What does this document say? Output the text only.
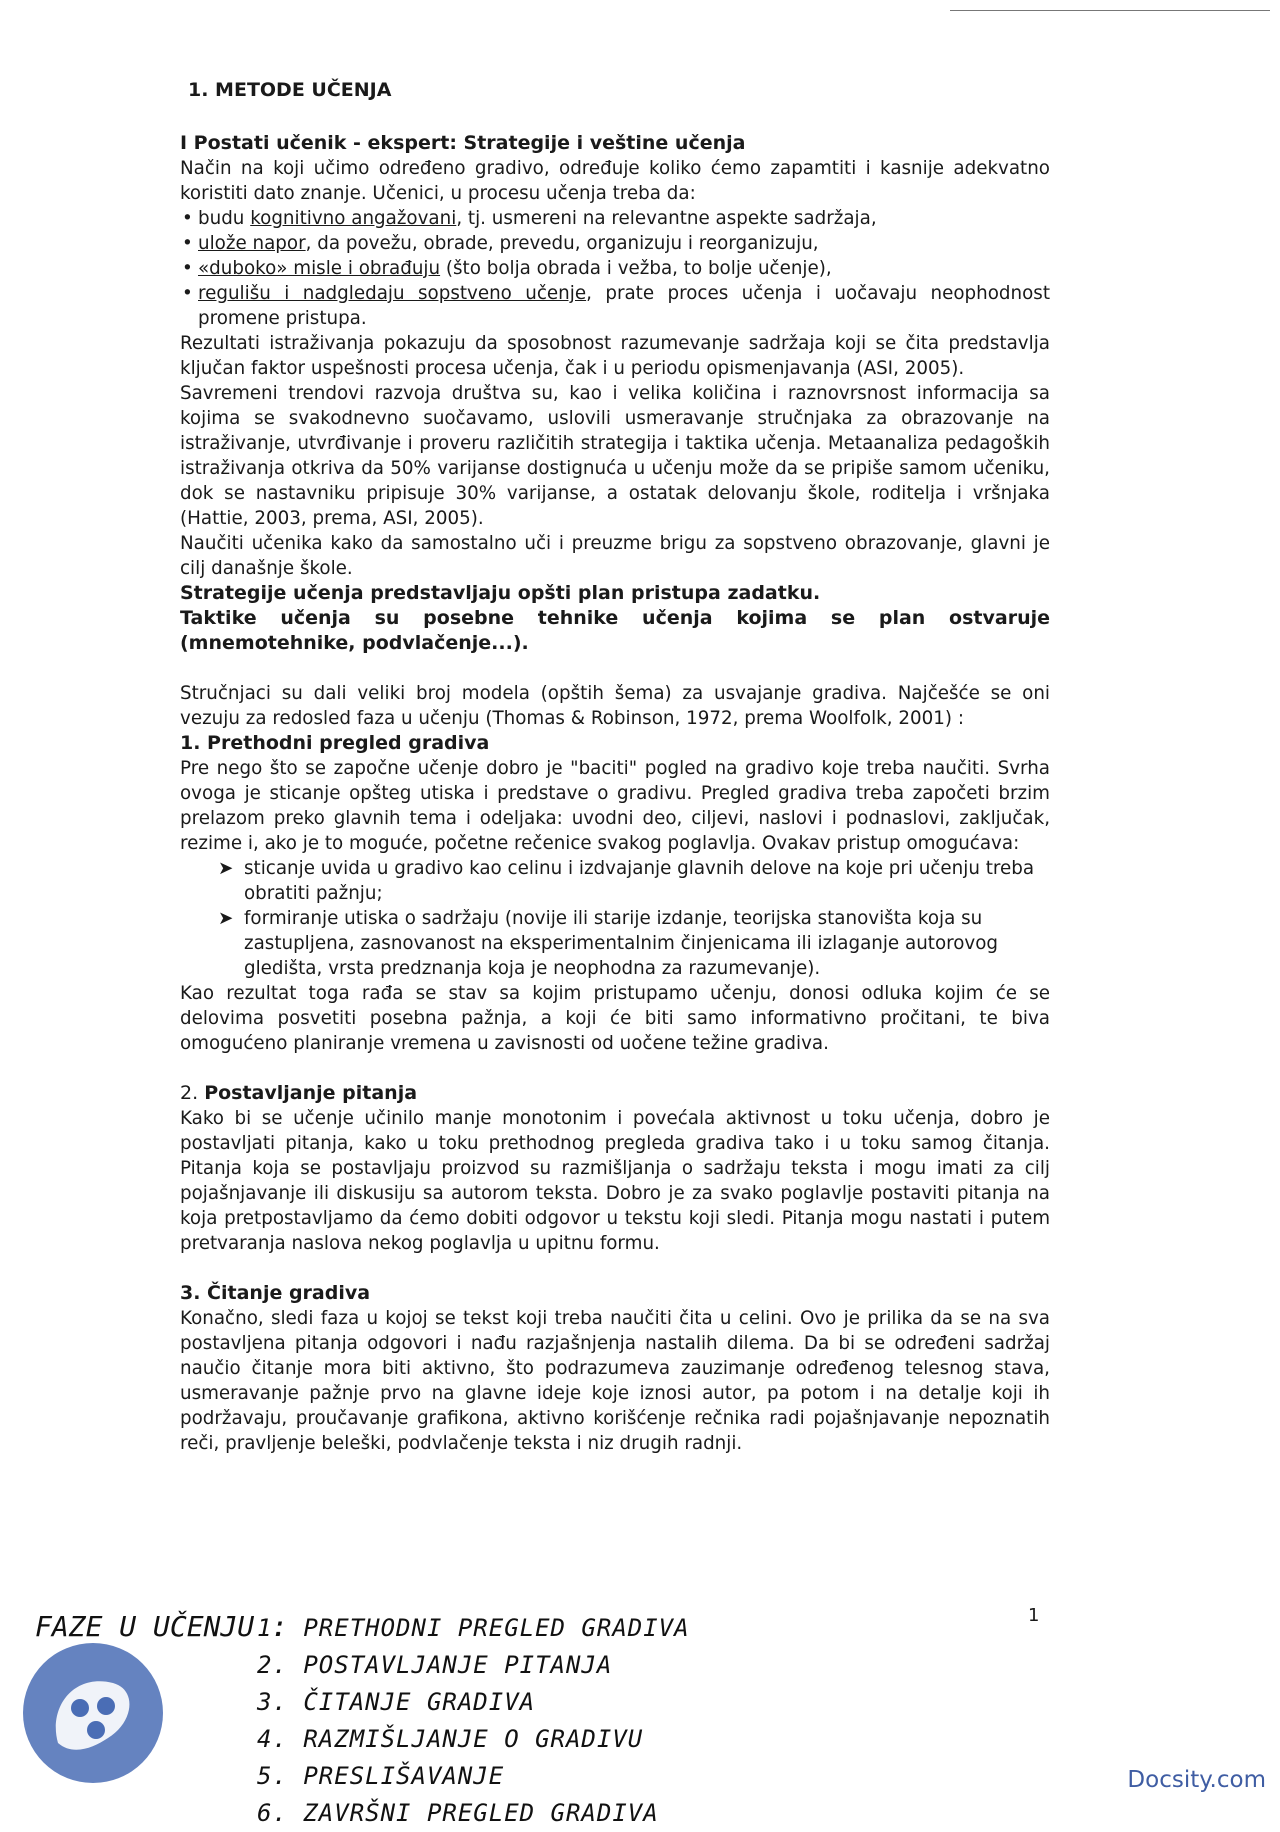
1. METODE UČENJA
I Postati učenik - ekspert: Strategije i veštine učenja

Način na koji učimo određeno gradivo, određuje koliko ćemo zapamtiti i kasnije adekvatno koristiti dato znanje. Učenici, u procesu učenja treba da:

• budu kognitivno angažovani, tj. usmereni na relevantne aspekte sadržaja,
• ulože napor, da povežu, obrade, prevedu, organizuju i reorganizuju,
• «duboko» misle i obrađuju (što bolja obrada i vežba, to bolje učenje),
• regulišu i nadgledaju sopstveno učenje, prate proces učenja i uočavaju neophodnost promene pristupa.

Rezultati istraživanja pokazuju da sposobnost razumevanje sadržaja koji se čita predstavlja ključan faktor uspešnosti procesa učenja, čak i u periodu opismenjavanja (ASI, 2005).

Savremeni trendovi razvoja društva su, kao i velika količina i raznovrsnost informacija sa kojima se svakodnevno suočavamo, uslovili usmeravanje stručnjaka za obrazovanje na istraživanje, utvrđivanje i proveru različitih strategija i taktika učenja. Metaanaliza pedagoških istraživanja otkriva da 50% varijanse dostignuća u učenju može da se pripiše samom učeniku, dok se nastavniku pripisuje 30% varijanse, a ostatak delovanju škole, roditelja i vršnjaka (Hattie, 2003, prema, ASI, 2005).

Naučiti učenika kako da samostalno uči i preuzme brigu za sopstveno obrazovanje, glavni je cilj današnje škole.

Strategije učenja predstavljaju opšti plan pristupa zadatku.

Taktike učenja su posebne tehnike učenja kojima se plan ostvaruje (mnemotehnike, podvlačenje...).

Stručnjaci su dali veliki broj modela (opštih šema) za usvajanje gradiva. Najčešće se oni vezuju za redosled faza u učenju (Thomas & Robinson, 1972, prema Woolfolk, 2001) :

1. Prethodni pregled gradiva

Pre nego što se započne učenje dobro je "baciti" pogled na gradivo koje treba naučiti. Svrha ovoga je sticanje opšteg utiska i predstave o gradivu. Pregled gradiva treba započeti brzim prelazom preko glavnih tema i odeljaka: uvodni deo, ciljevi, naslovi i podnaslovi, zaključak, rezime i, ako je to moguće, početne rečenice svakog poglavlja. Ovakav pristup omogućava:

➤ sticanje uvida u gradivo kao celinu i izdvajanje glavnih delove na koje pri učenju treba obratiti pažnju;
➤ formiranje utiska o sadržaju (novije ili starije izdanje, teorijska stanovišta koja su zastupljena, zasnovanost na eksperimentalnim činjenicama ili izlaganje autorovog gledišta, vrsta predznanja koja je neophodna za razumevanje).

Kao rezultat toga rađa se stav sa kojim pristupamo učenju, donosi odluka kojim će se delovima posvetiti posebna pažnja, a koji će biti samo informativno pročitani, te biva omogućeno planiranje vremena u zavisnosti od uočene težine gradiva.

2. Postavljanje pitanja

Kako bi se učenje učinilo manje monotonim i povećala aktivnost u toku učenja, dobro je postavljati pitanja, kako u toku prethodnog pregleda gradiva tako i u toku samog čitanja. Pitanja koja se postavljaju proizvod su razmišljanja o sadržaju teksta i mogu imati za cilj pojašnjavanje ili diskusiju sa autorom teksta. Dobro je za svako poglavlje postaviti pitanja na koja pretpostavljamo da ćemo dobiti odgovor u tekstu koji sledi. Pitanja mogu nastati i putem pretvaranja naslova nekog poglavlja u upitnu formu.

3. Čitanje gradiva

Konačno, sledi faza u kojoj se tekst koji treba naučiti čita u celini. Ovo je prilika da se na sva postavljena pitanja odgovori i nađu razjašnjenja nastalih dilema. Da bi se određeni sadržaj naučio čitanje mora biti aktivno, što podrazumeva zauzimanje određenog telesnog stava, usmeravanje pažnje prvo na glavne ideje koje iznosi autor, pa potom i na detalje koji ih podržavaju, proučavanje grafikona, aktivno korišćenje rečnika radi pojašnjavanje nepoznatih reči, pravljenje beleški, podvlačenje teksta i niz drugih radnji.

1
FAZE U UČENJU :
1. PRETHODNI PREGLED GRADIVA
2. POSTAVLJANJE PITANJA
3. ČITANJE GRADIVA
4. RAZMIŠLJANJE O GRADIVU
5. PRESLIŠAVANJE
6. ZAVRŠNI PREGLED GRADIVA
Docsity.com
